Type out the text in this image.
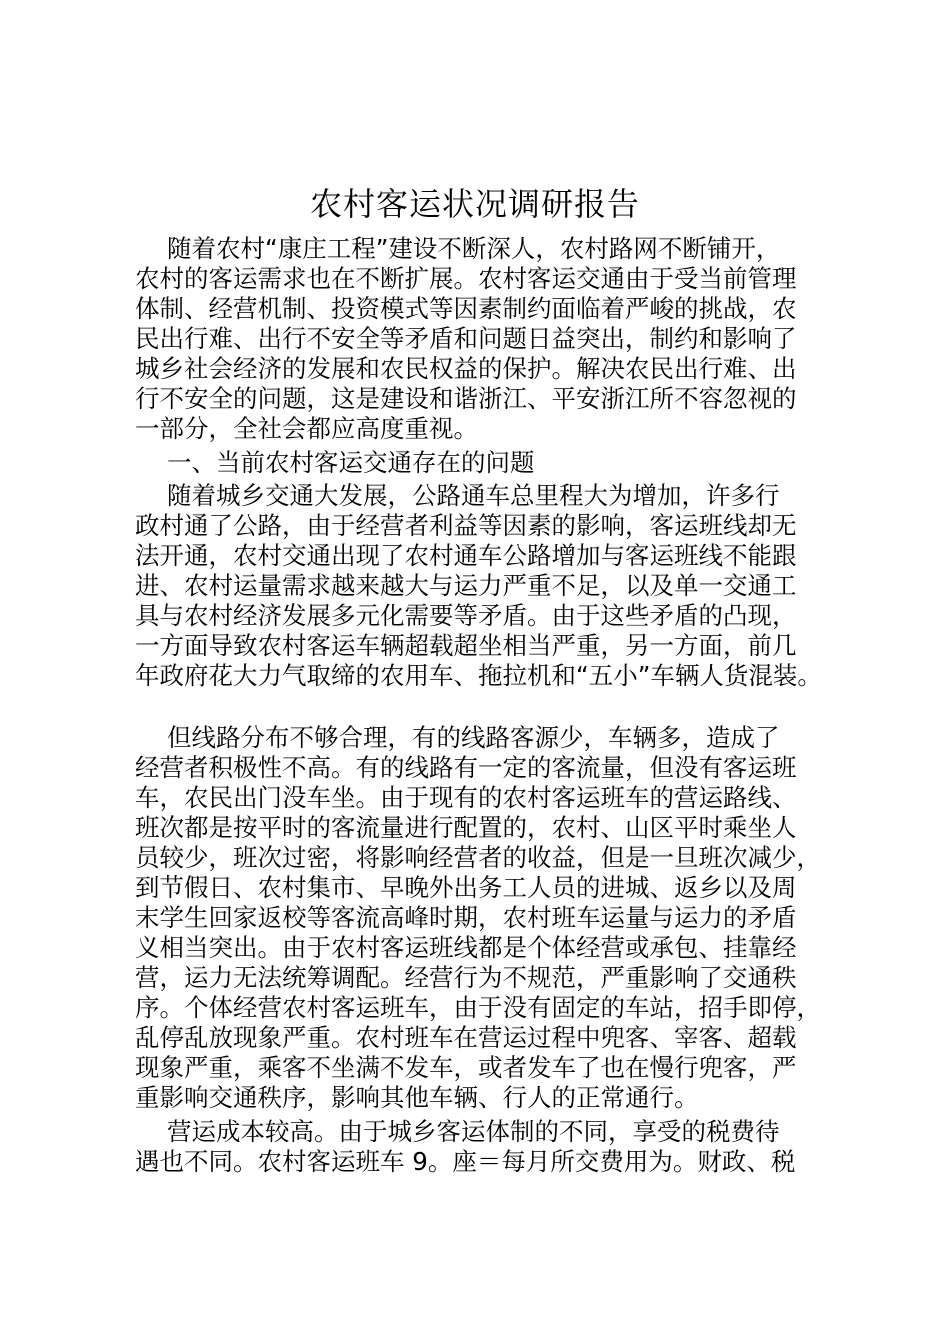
农村客运状况调研报告
随着农村“康庄工程”建设不断深人，农村路网不断铺开，
农村的客运需求也在不断扩展。农村客运交通由于受当前管理
体制、经营机制、投资模式等因素制约面临着严峻的挑战，农
民出行难、出行不安全等矛盾和问题日益突出，制约和影响了
城乡社会经济的发展和农民权益的保护。解决农民出行难、出
行不安全的问题，这是建设和谐浙江、平安浙江所不容忽视的
一部分，全社会都应高度重视。
一、当前农村客运交通存在的问题
随着城乡交通大发展，公路通车总里程大为增加，许多行
政村通了公路，由于经营者利益等因素的影响，客运班线却无
法开通，农村交通出现了农村通车公路增加与客运班线不能跟
进、农村运量需求越来越大与运力严重不足，以及单一交通工
具与农村经济发展多元化需要等矛盾。由于这些矛盾的凸现，
一方面导致农村客运车辆超载超坐相当严重，另一方面，前几
年政府花大力气取缔的农用车、拖拉机和“五小”车辆人货混装。
但线路分布不够合理，有的线路客源少，车辆多，造成了
经营者积极性不高。有的线路有一定的客流量，但没有客运班
车，农民出门没车坐。由于现有的农村客运班车的营运路线、
班次都是按平时的客流量进行配置的，农村、山区平时乘坐人
员较少，班次过密，将影响经营者的收益，但是一旦班次减少，
到节假日、农村集市、早晚外出务工人员的进城、返乡以及周
末学生回家返校等客流高峰时期，农村班车运量与运力的矛盾
义相当突出。由于农村客运班线都是个体经营或承包、挂靠经
营，运力无法统筹调配。经营行为不规范，严重影响了交通秩
序。个体经营农村客运班车，由于没有固定的车站，招手即停，
乱停乱放现象严重。农村班车在营运过程中兜客、宰客、超载
现象严重，乘客不坐满不发车，或者发车了也在慢行兜客，严
重影响交通秩序，影响其他车辆、行人的正常通行。
营运成本较高。由于城乡客运体制的不同，享受的税费待
遇也不同。农村客运班车 9。座＝每月所交费用为。财政、税
